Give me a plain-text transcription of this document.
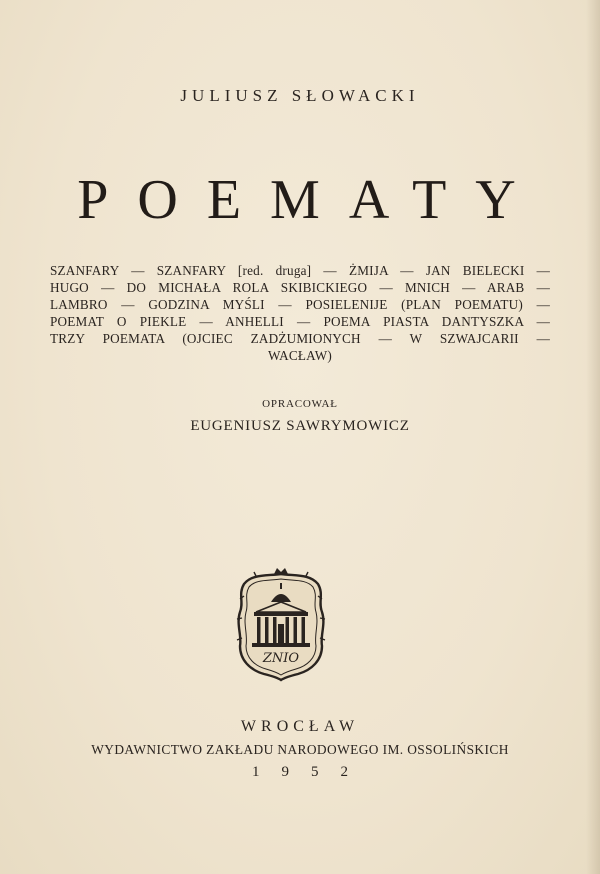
JULIUSZ SŁOWACKI
POEMATY
SZANFARY — SZANFARY [red. druga] — ŻMIJA — JAN BIELECKI —
HUGO — DO MICHAŁA ROLA SKIBICKIEGO — MNICH — ARAB —
LAMBRO — GODZINA MYŚLI — POSIELENIJE (PLAN POEMATU) —
POEMAT O PIEKLE — ANHELLI — POEMA PIASTA DANTYSZKA —
TRZY POEMATA (OJCIEC ZADŻUMIONYCH — W SZWAJCARII —
WACŁAW)
OPRACOWAŁ
EUGENIUSZ SAWRYMOWICZ
ZNIO
WROCŁAW
WYDAWNICTWO ZAKŁADU NARODOWEGO IM. OSSOLIŃSKICH
1952
